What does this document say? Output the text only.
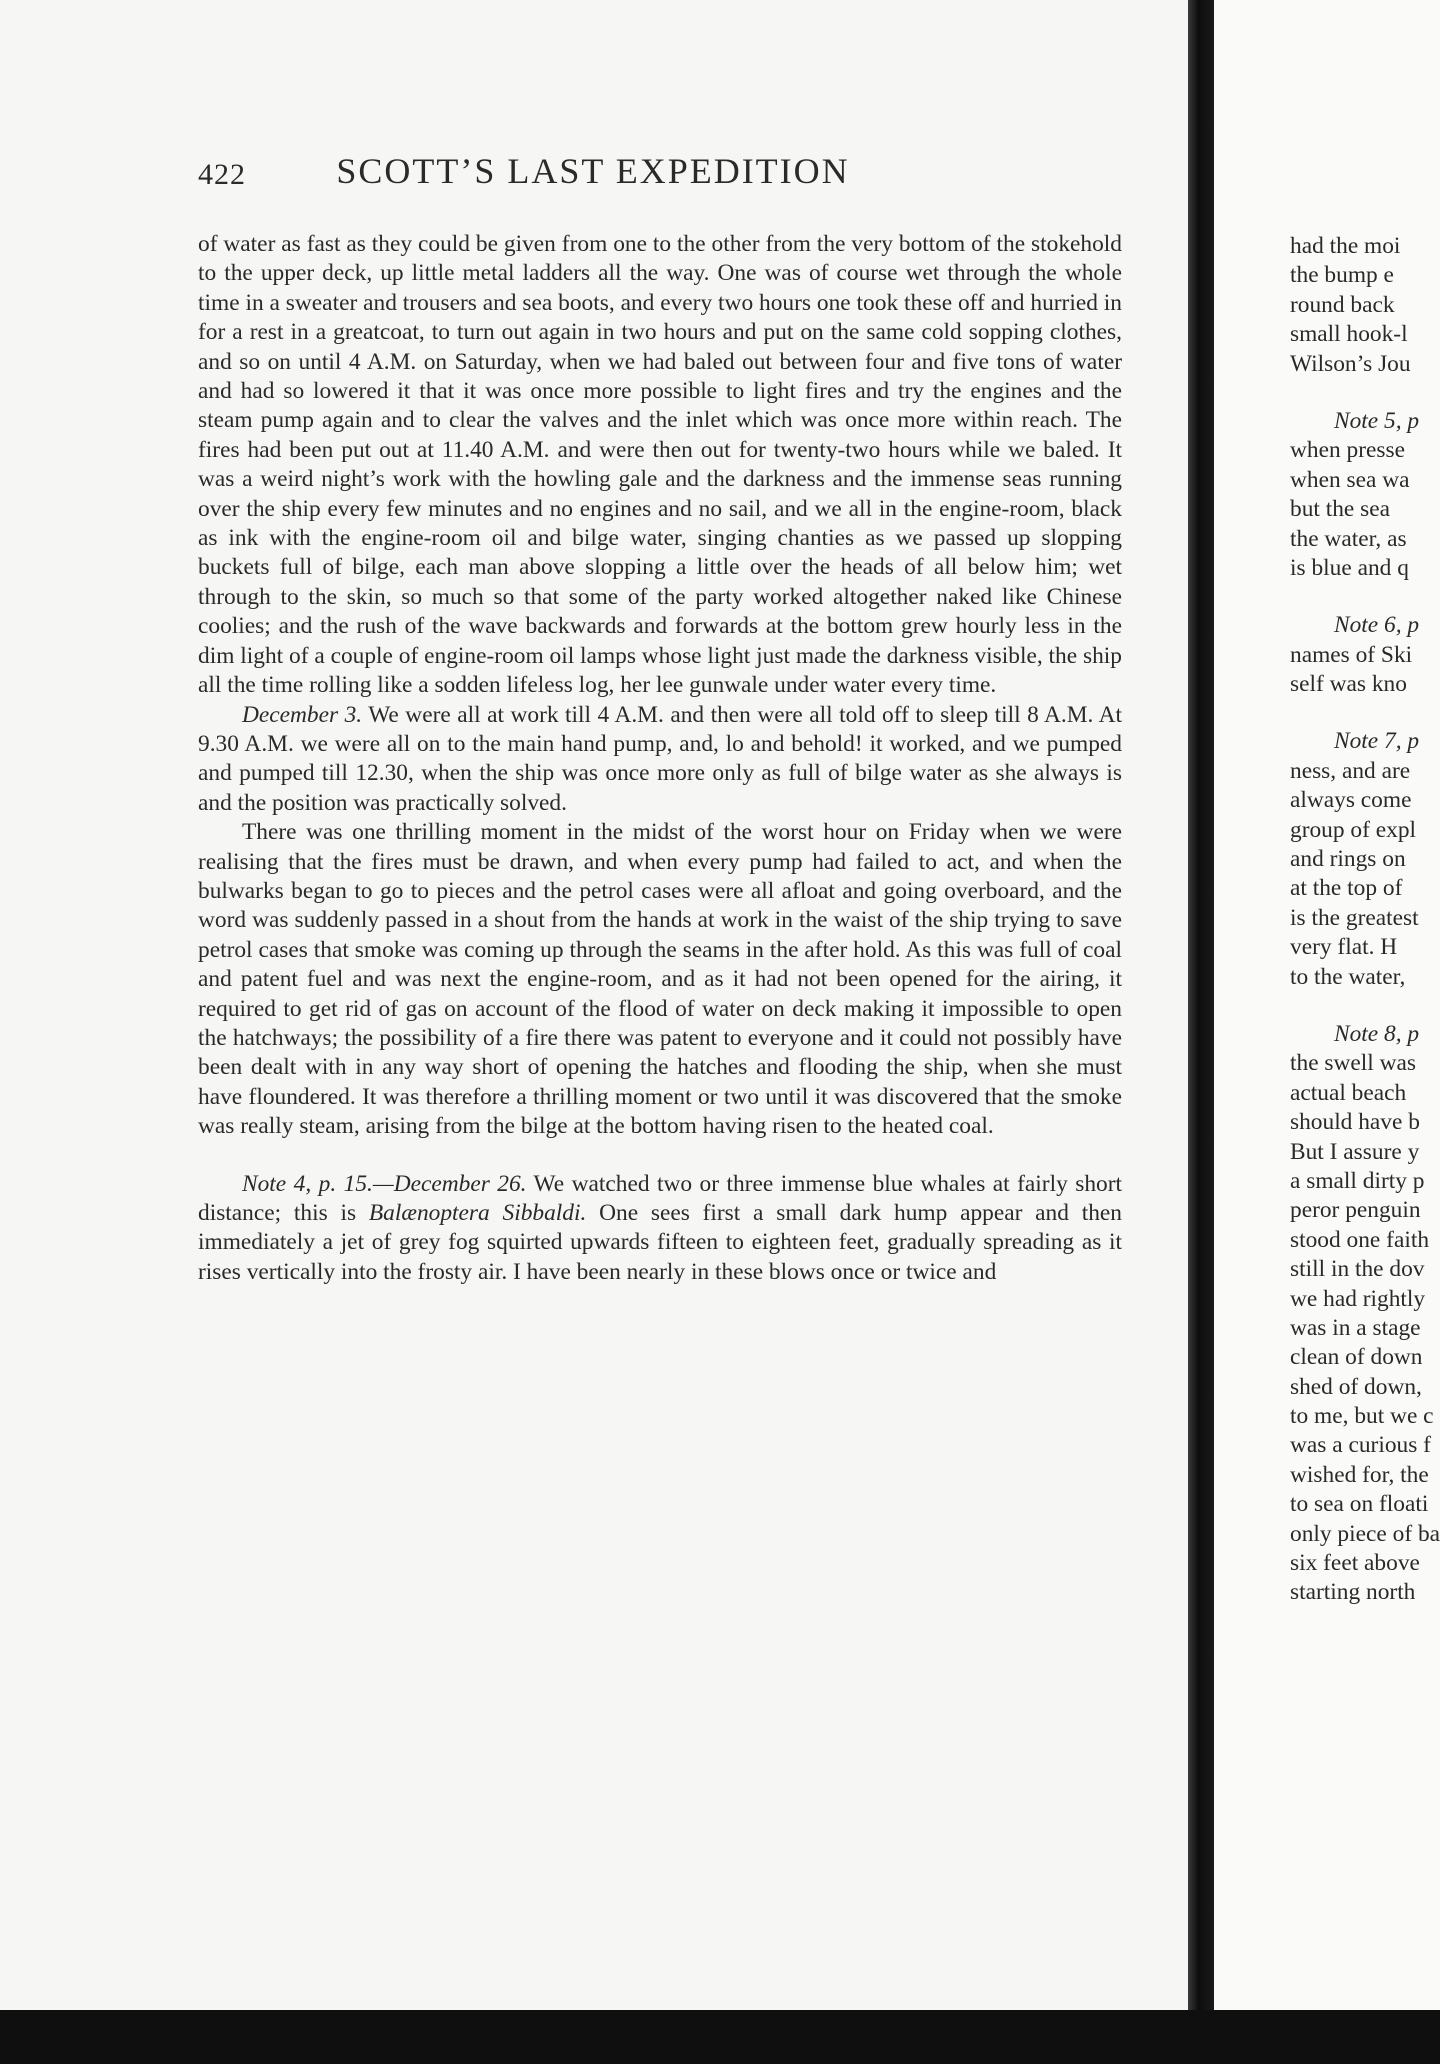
422	SCOTT’S LAST EXPEDITION

of water as fast as they could be given from one to the other from the very bottom of the stokehold to the upper deck, up little metal ladders all the way. One was of course wet through the whole time in a sweater and trousers and sea boots, and every two hours one took these off and hurried in for a rest in a greatcoat, to turn out again in two hours and put on the same cold sopping clothes, and so on until 4 A.M. on Saturday, when we had baled out between four and five tons of water and had so lowered it that it was once more possible to light fires and try the engines and the steam pump again and to clear the valves and the inlet which was once more within reach. The fires had been put out at 11.40 A.M. and were then out for twenty-two hours while we baled. It was a weird night’s work with the howling gale and the darkness and the immense seas running over the ship every few minutes and no engines and no sail, and we all in the engine-room, black as ink with the engine-room oil and bilge water, singing chanties as we passed up slopping buckets full of bilge, each man above slopping a little over the heads of all below him; wet through to the skin, so much so that some of the party worked altogether naked like Chinese coolies; and the rush of the wave backwards and forwards at the bottom grew hourly less in the dim light of a couple of engine-room oil lamps whose light just made the darkness visible, the ship all the time rolling like a sodden lifeless log, her lee gunwale under water every time.

December 3. We were all at work till 4 A.M. and then were all told off to sleep till 8 A.M. At 9.30 A.M. we were all on to the main hand pump, and, lo and behold! it worked, and we pumped and pumped till 12.30, when the ship was once more only as full of bilge water as she always is and the position was practically solved.

There was one thrilling moment in the midst of the worst hour on Friday when we were realising that the fires must be drawn, and when every pump had failed to act, and when the bulwarks began to go to pieces and the petrol cases were all afloat and going overboard, and the word was suddenly passed in a shout from the hands at work in the waist of the ship trying to save petrol cases that smoke was coming up through the seams in the after hold. As this was full of coal and patent fuel and was next the engine-room, and as it had not been opened for the airing, it required to get rid of gas on account of the flood of water on deck making it impossible to open the hatchways; the possibility of a fire there was patent to everyone and it could not possibly have been dealt with in any way short of opening the hatches and flooding the ship, when she must have floundered. It was therefore a thrilling moment or two until it was discovered that the smoke was really steam, arising from the bilge at the bottom having risen to the heated coal.

Note 4, p. 15.—December 26. We watched two or three immense blue whales at fairly short distance; this is Balænoptera Sibbaldi. One sees first a small dark hump appear and then immediately a jet of grey fog squirted upwards fifteen to eighteen feet, gradually spreading as it rises vertically into the frosty air. I have been nearly in these blows once or twice and

had the moi
the bump e
round back
small hook-l
Wilson’s Jou
Note 5, p
when presse
when sea wa
but the sea
the water, as
is blue and q
Note 6, p
names of Ski
self was kno
Note 7, p
ness, and are
always come
group of expl
and rings on
at the top of
is the greatest
very flat. H
to the water,
Note 8, p
the swell was
actual beach
should have b
But I assure y
a small dirty p
peror penguin
stood one faith
still in the dov
we had rightly
was in a stage
clean of down
shed of down,
to me, but we c
was a curious f
wished for, the
to sea on floati
only piece of ba
six feet above
starting north
